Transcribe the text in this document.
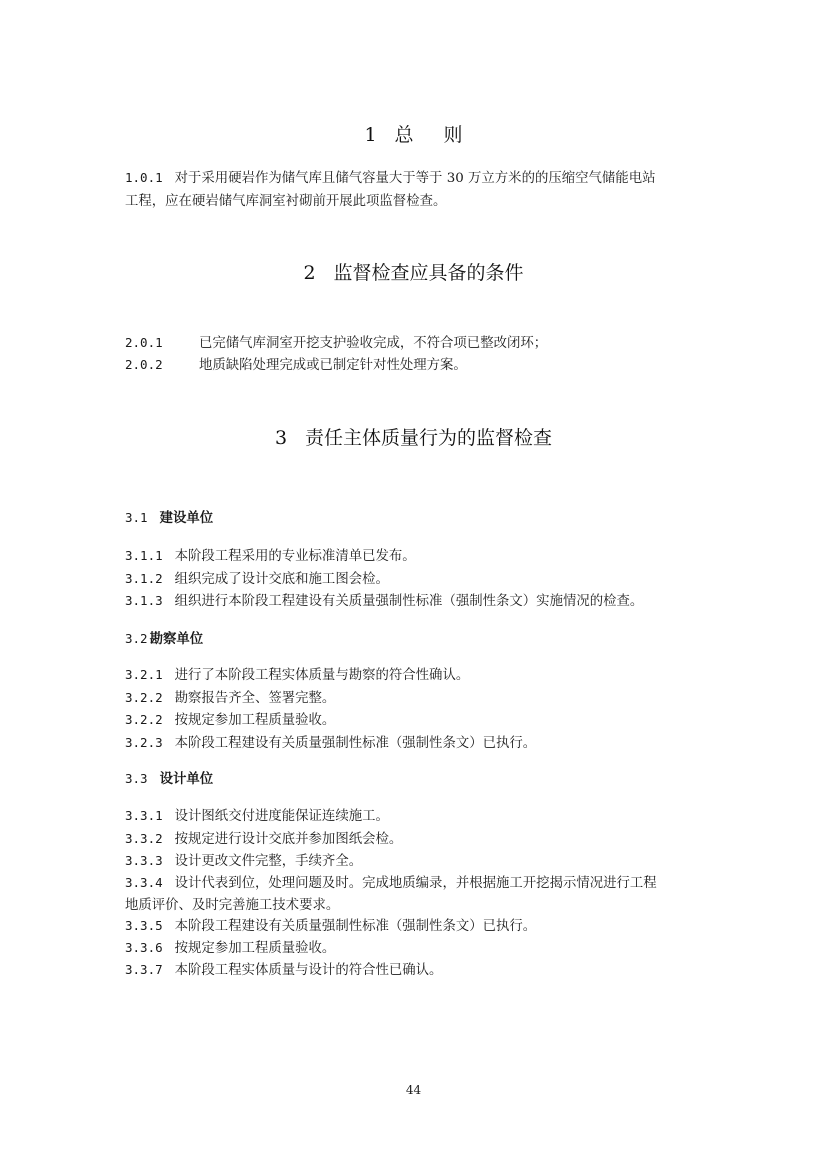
1 总则
1.0.1 对于采用硬岩作为储气库且储气容量大于等于 30 万立方米的的压缩空气储能电站
工程，应在硬岩储气库洞室衬砌前开展此项监督检查。
2 监督检查应具备的条件
2.0.1	已完储气库洞室开挖支护验收完成，不符合项已整改闭环；
2.0.2	地质缺陷处理完成或已制定针对性处理方案。
3 责任主体质量行为的监督检查
3.1 建设单位
3.1.1 本阶段工程采用的专业标准清单已发布。
3.1.2 组织完成了设计交底和施工图会检。
3.1.3 组织进行本阶段工程建设有关质量强制性标准（强制性条文）实施情况的检查。
3.2 勘察单位
3.2.1 进行了本阶段工程实体质量与勘察的符合性确认。
3.2.2 勘察报告齐全、签署完整。
3.2.2 按规定参加工程质量验收。
3.2.3 本阶段工程建设有关质量强制性标准（强制性条文）已执行。
3.3 设计单位
3.3.1 设计图纸交付进度能保证连续施工。
3.3.2 按规定进行设计交底并参加图纸会检。
3.3.3 设计更改文件完整，手续齐全。
3.3.4 设计代表到位，处理问题及时。完成地质编录，并根据施工开挖揭示情况进行工程
地质评价、及时完善施工技术要求。
3.3.5 本阶段工程建设有关质量强制性标准（强制性条文）已执行。
3.3.6 按规定参加工程质量验收。
3.3.7 本阶段工程实体质量与设计的符合性已确认。
44
